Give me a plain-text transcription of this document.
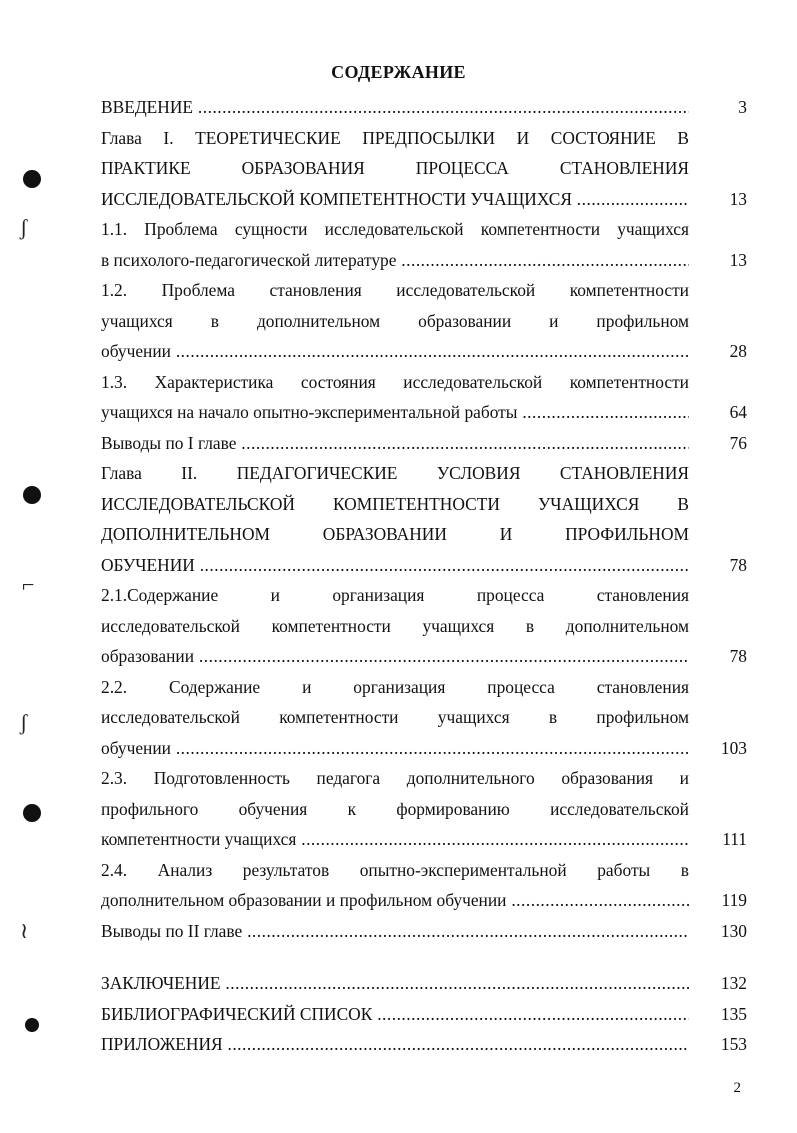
СОДЕРЖАНИЕ
ВВЕДЕНИЕ .....	3
Глава I. ТЕОРЕТИЧЕСКИЕ ПРЕДПОСЫЛКИ И СОСТОЯНИЕ В
ПРАКТИКЕ ОБРАЗОВАНИЯ ПРОЦЕССА СТАНОВЛЕНИЯ
ИССЛЕДОВАТЕЛЬСКОЙ КОМПЕТЕНТНОСТИ УЧАЩИХСЯ .....	13
1.1. Проблема сущности исследовательской компетентности учащихся
в психолого-педагогической литературе .....	13
1.2. Проблема становления исследовательской компетентности
учащихся в дополнительном образовании и профильном
обучении .....	28
1.3. Характеристика состояния исследовательской компетентности
учащихся на начало опытно-экспериментальной работы .....	64
Выводы по I главе .....	76
Глава II. ПЕДАГОГИЧЕСКИЕ УСЛОВИЯ СТАНОВЛЕНИЯ
ИССЛЕДОВАТЕЛЬСКОЙ КОМПЕТЕНТНОСТИ УЧАЩИХСЯ В
ДОПОЛНИТЕЛЬНОМ ОБРАЗОВАНИИ И ПРОФИЛЬНОМ
ОБУЧЕНИИ .....	78
2.1.Содержание и организация процесса становления
исследовательской компетентности учащихся в дополнительном
образовании .....	78
2.2. Содержание и организация процесса становления
исследовательской компетентности учащихся в профильном
обучении .....	103
2.3. Подготовленность педагога дополнительного образования и
профильного обучения к формированию исследовательской
компетентности учащихся .....	111
2.4. Анализ результатов опытно-экспериментальной работы в
дополнительном образовании и профильном обучении .....	119
Выводы по II главе .....	130
ЗАКЛЮЧЕНИЕ .....	132
БИБЛИОГРАФИЧЕСКИЙ СПИСОК .....	135
ПРИЛОЖЕНИЯ .....	153
2
ʃ
⌐
ʃ
≀
